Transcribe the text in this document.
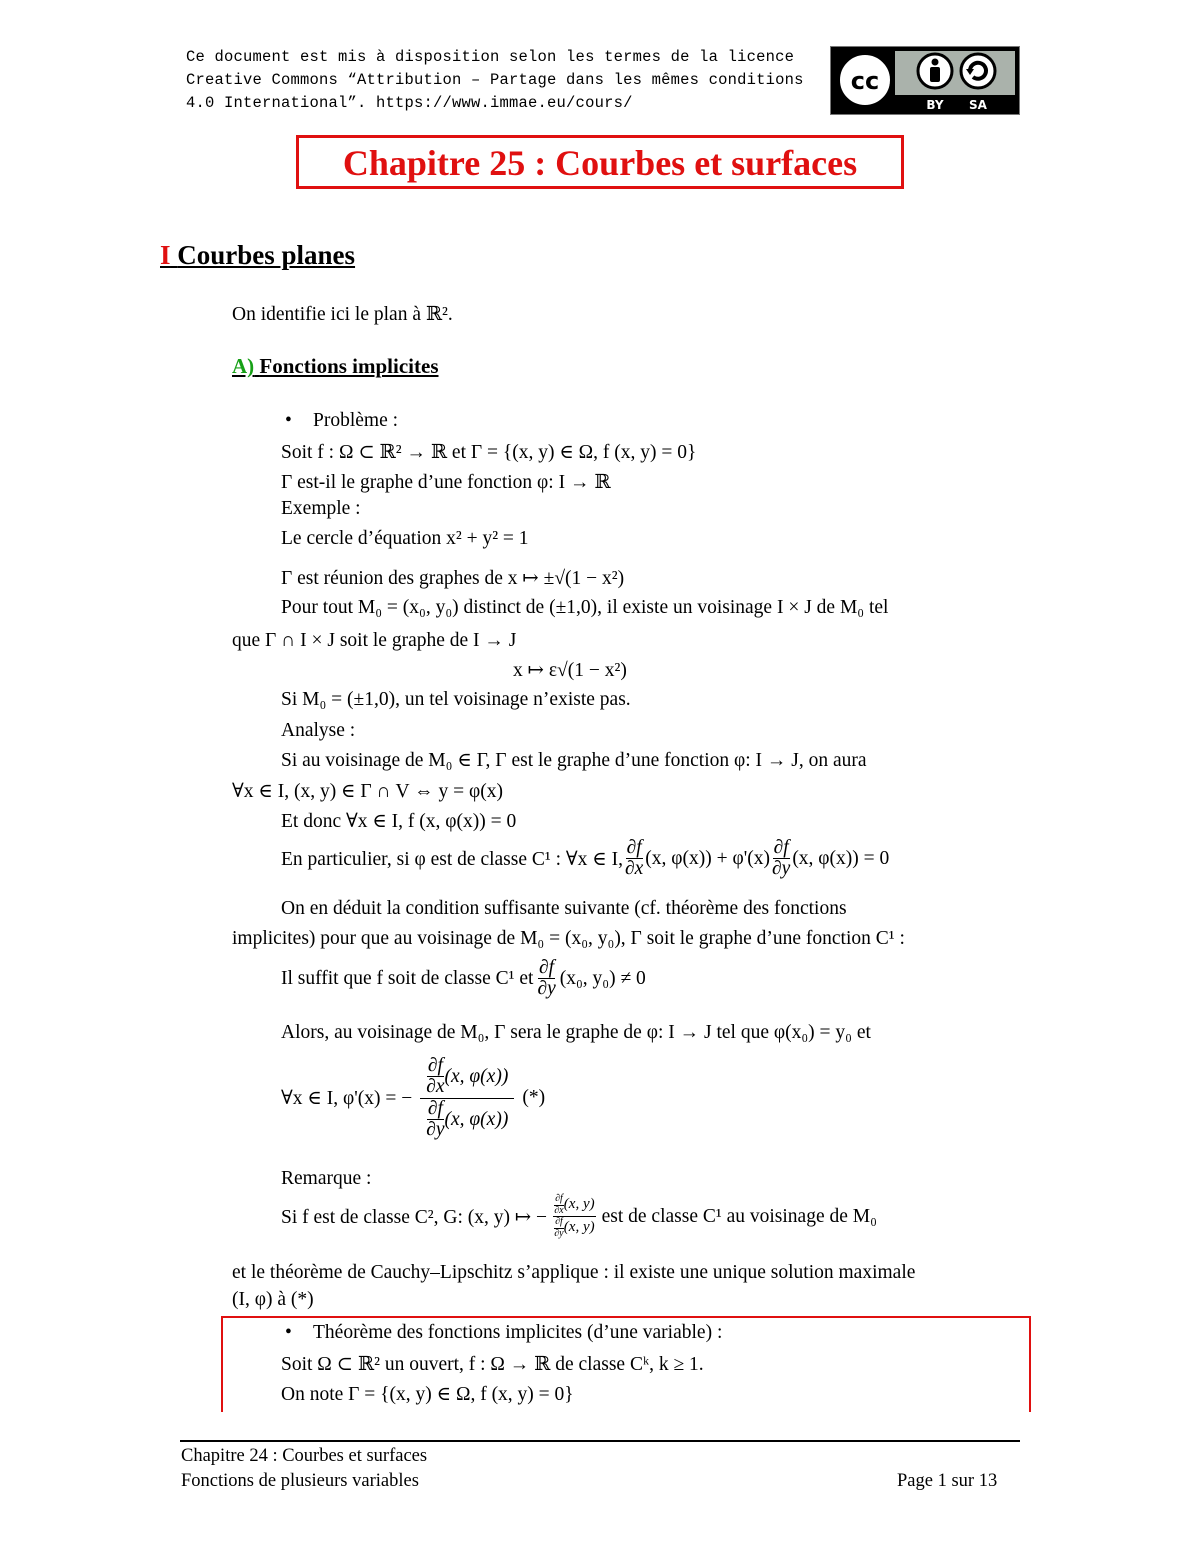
Ce document est mis à disposition selon les termes de la licence
Creative Commons “Attribution – Partage dans les mêmes conditions
4.0 International”. https://www.immae.eu/cours/
cc
BY SA
Chapitre 25 : Courbes et surfaces
I Courbes planes
On identifie ici le plan à ℝ².
A) Fonctions implicites
• Problème :
Soit f : Ω ⊂ ℝ² → ℝ et Γ = {(x, y) ∈ Ω, f (x, y) = 0}
Γ est-il le graphe d’une fonction φ: I → ℝ
Exemple :
Le cercle d’équation x² + y² = 1
Γ est réunion des graphes de x ↦ ±√(1 − x²)
Pour tout M₀ = (x₀, y₀) distinct de (±1,0), il existe un voisinage I × J de M₀ tel
que Γ ∩ I × J soit le graphe de I → J
x ↦ ε√(1 − x²)
Si M₀ = (±1,0), un tel voisinage n’existe pas.
Analyse :
Si au voisinage de M₀ ∈ Γ, Γ est le graphe d’une fonction φ: I → J, on aura
∀x ∈ I, (x, y) ∈ Γ ∩ V ⇔ y = φ(x)
Et donc ∀x ∈ I, f (x, φ(x)) = 0
En particulier, si φ est de classe C¹ : ∀x ∈ I, $\frac{\partial f}{\partial x} (x$, $\varphi(x)) + \varphi'(x) \frac{\partial f}{\partial y} (x$, φ(x)) = 0
On en déduit la condition suffisante suivante (cf. théorème des fonctions
implicites) pour que au voisinage de M₀ = (x₀, y₀), Γ soit le graphe d’une fonction C¹ :
Il suffit que f soit de classe C¹ et $\frac{\partial f}{\partial y} (x_0$, y₀) ≠ 0
Alors, au voisinage de M₀, Γ sera le graphe de φ: I → J tel que φ(x₀) = y₀ et
∀x ∈ I, φ'(x) = − $\frac{\frac{\partial f}{\partial x} (x, \varphi(x))}{\frac{\partial f}{\partial y} (x, \varphi(x))}$ (*)
Remarque :
Si f est de classe C², G: (x, y) ↦ − $\frac{\frac{\partial f}{\partial x} (x, y)}{\frac{\partial f}{\partial y} (x, y)}$ est de classe C¹ au voisinage de M₀
et le théorème de Cauchy–Lipschitz s’applique : il existe une unique solution maximale
(I, φ) à (*)
• Théorème des fonctions implicites (d’une variable) :
Soit Ω ⊂ ℝ² un ouvert, f : Ω → ℝ de classe Cᵏ, k ≥ 1.
On note Γ = {(x, y) ∈ Ω, f (x, y) = 0}
Chapitre 24 : Courbes et surfaces
Fonctions de plusieurs variables	Page 1 sur 13
